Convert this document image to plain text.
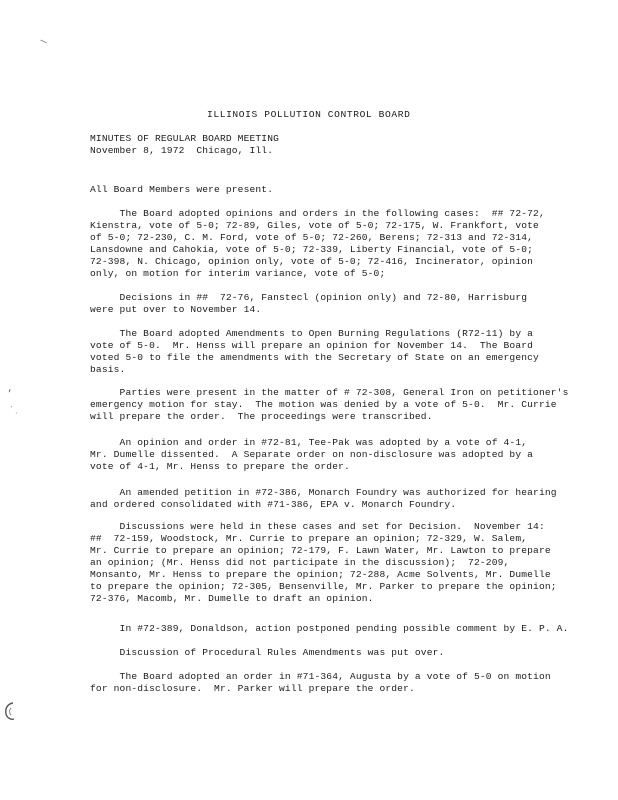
\
’
‵̣
ILLINOIS POLLUTION CONTROL BOARD
MINUTES OF REGULAR BOARD MEETING
November 8, 1972  Chicago, Ill.
All Board Members were present.
The Board adopted opinions and orders in the following cases:  ## 72-72,
Kienstra, vote of 5-0; 72-89, Giles, vote of 5-0; 72-175, W. Frankfort, vote
of 5-0; 72-230, C. M. Ford, vote of 5-0; 72-260, Berens; 72-313 and 72-314,
Lansdowne and Cahokia, vote of 5-0; 72-339, Liberty Financial, vote of 5-0;
72-398, N. Chicago, opinion only, vote of 5-0; 72-416, Incinerator, opinion
only, on motion for interim variance, vote of 5-0;
Decisions in ##  72-76, Fanstecl (opinion only) and 72-80, Harrisburg
were put over to November 14.
The Board adopted Amendments to Open Burning Regulations (R72-11) by a
vote of 5-0.  Mr. Henss will prepare an opinion for November 14.  The Board
voted 5-0 to file the amendments with the Secretary of State on an emergency
basis.
Parties were present in the matter of # 72-308, General Iron on petitioner's
emergency motion for stay.  The motion was denied by a vote of 5-0.  Mr. Currie
will prepare the order.  The proceedings were transcribed.
An opinion and order in #72-81, Tee-Pak was adopted by a vote of 4-1,
Mr. Dumelle dissented.  A Separate order on non-disclosure was adopted by a
vote of 4-1, Mr. Henss to prepare the order.
An amended petition in #72-386, Monarch Foundry was authorized for hearing
and ordered consolidated with #71-386, EPA v. Monarch Foundry.
Discussions were held in these cases and set for Decision.  November 14:
##  72-159, Woodstock, Mr. Currie to prepare an opinion; 72-329, W. Salem,
Mr. Currie to prepare an opinion; 72-179, F. Lawn Water, Mr. Lawton to prepare
an opinion; (Mr. Henss did not participate in the discussion);  72-209,
Monsanto, Mr. Henss to prepare the opinion; 72-288, Acme Solvents, Mr. Dumelle
to prepare the opinion; 72-305, Bensenville, Mr. Parker to prepare the opinion;
72-376, Macomb, Mr. Dumelle to draft an opinion.
In #72-389, Donaldson, action postponed pending possible comment by E. P. A.
Discussion of Procedural Rules Amendments was put over.
The Board adopted an order in #71-364, Augusta by a vote of 5-0 on motion
for non-disclosure.  Mr. Parker will prepare the order.
